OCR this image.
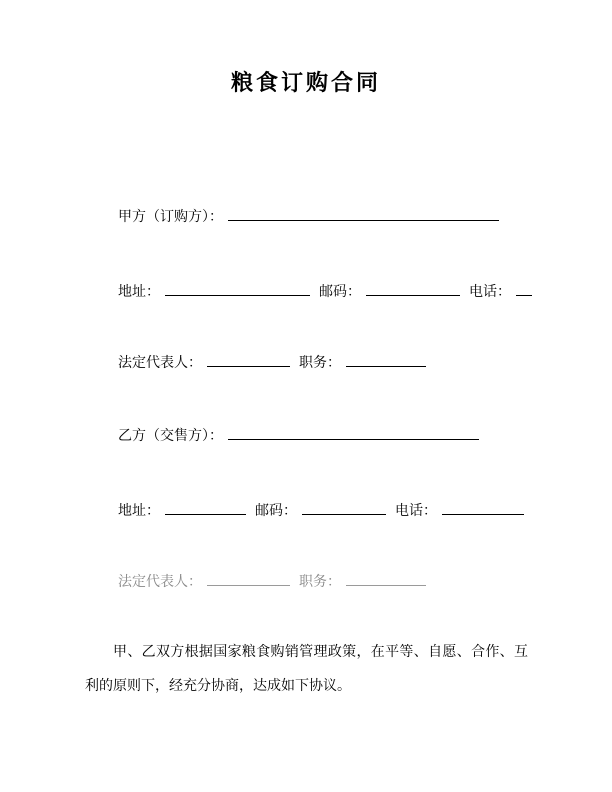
粮食订购合同
甲方（订购方）：
地址：	邮码：	电话：
法定代表人：	职务：
乙方（交售方）：
地址：	邮码：	电话：
法定代表人：	职务：

甲、乙双方根据国家粮食购销管理政策，在平等、自愿、合作、互利的原则下，经充分协商，达成如下协议。
